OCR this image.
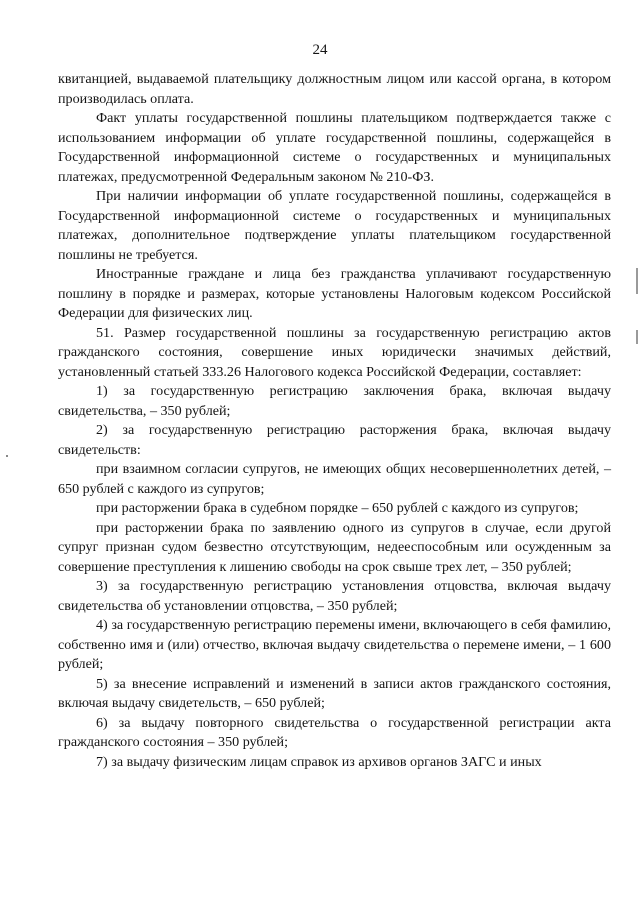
24

квитанцией, выдаваемой плательщику должностным лицом или кассой органа, в котором производилась оплата.

Факт уплаты государственной пошлины плательщиком подтверждается также с использованием информации об уплате государственной пошлины, содержащейся в Государственной информационной системе о государственных и муниципальных платежах, предусмотренной Федеральным законом № 210-ФЗ.

При наличии информации об уплате государственной пошлины, содержащейся в Государственной информационной системе о государственных и муниципальных платежах, дополнительное подтверждение уплаты плательщиком государственной пошлины не требуется.

Иностранные граждане и лица без гражданства уплачивают государственную пошлину в порядке и размерах, которые установлены Налоговым кодексом Российской Федерации для физических лиц.

51. Размер государственной пошлины за государственную регистрацию актов гражданского состояния, совершение иных юридически значимых действий, установленный статьей 333.26 Налогового кодекса Российской Федерации, составляет:

1) за государственную регистрацию заключения брака, включая выдачу свидетельства, – 350 рублей;

2) за государственную регистрацию расторжения брака, включая выдачу свидетельств:

при взаимном согласии супругов, не имеющих общих несовершеннолетних детей, – 650 рублей с каждого из супругов;

при расторжении брака в судебном порядке – 650 рублей с каждого из супругов;

при расторжении брака по заявлению одного из супругов в случае, если другой супруг признан судом безвестно отсутствующим, недееспособным или осужденным за совершение преступления к лишению свободы на срок свыше трех лет, – 350 рублей;

3) за государственную регистрацию установления отцовства, включая выдачу свидетельства об установлении отцовства, – 350 рублей;

4) за государственную регистрацию перемены имени, включающего в себя фамилию, собственно имя и (или) отчество, включая выдачу свидетельства о перемене имени, – 1 600 рублей;

5) за внесение исправлений и изменений в записи актов гражданского состояния, включая выдачу свидетельств, – 650 рублей;

6) за выдачу повторного свидетельства о государственной регистрации акта гражданского состояния – 350 рублей;

7) за выдачу физическим лицам справок из архивов органов ЗАГС и иных
